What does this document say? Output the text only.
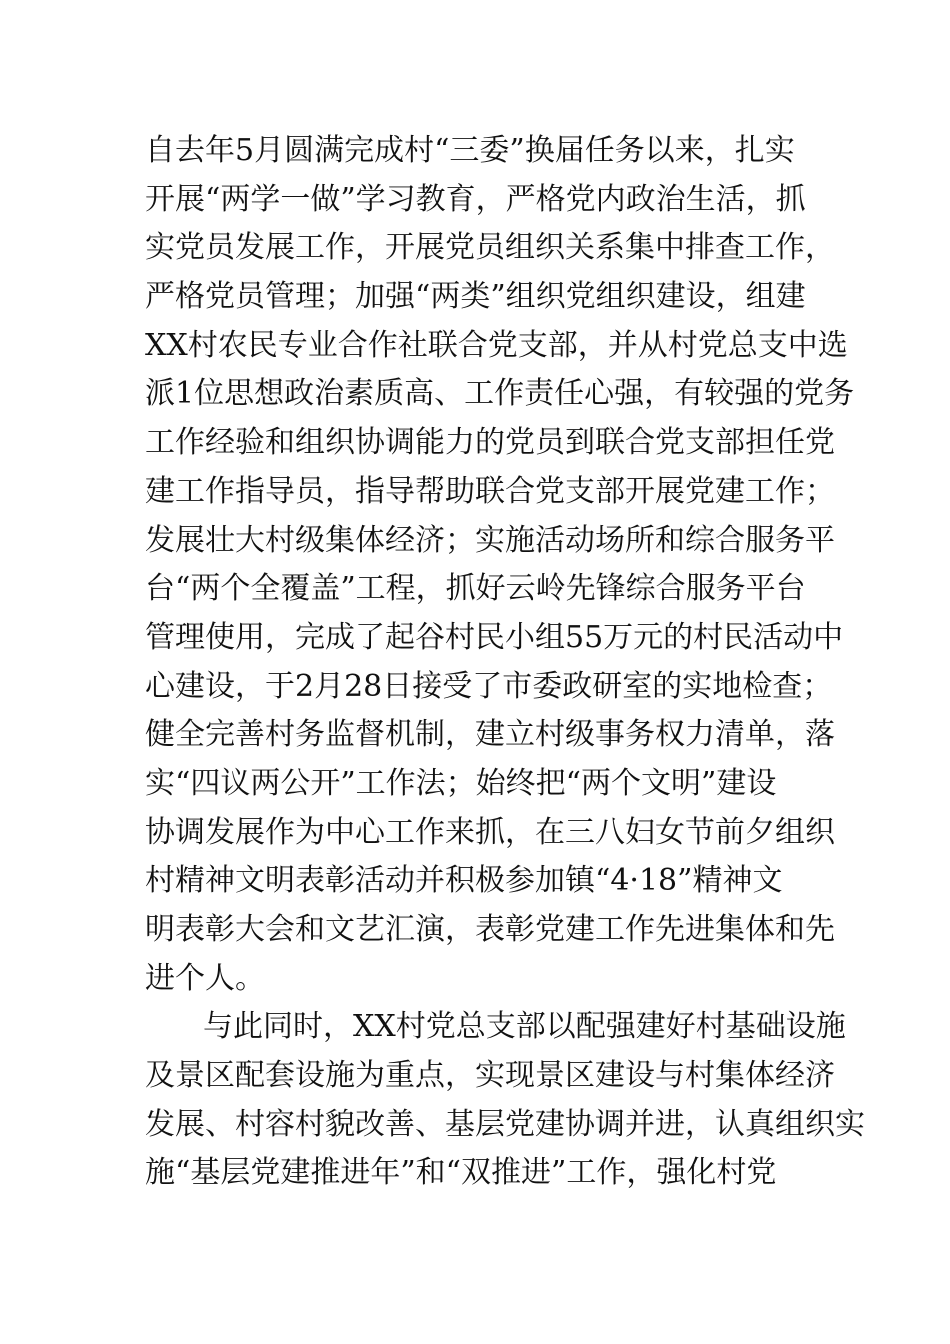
自去年5月圆满完成村“三委”换届任务以来，扎实
开展“两学一做”学习教育，严格党内政治生活，抓
实党员发展工作，开展党员组织关系集中排查工作，
严格党员管理；加强“两类”组织党组织建设，组建
XX村农民专业合作社联合党支部，并从村党总支中选
派1位思想政治素质高、工作责任心强，有较强的党务
工作经验和组织协调能力的党员到联合党支部担任党
建工作指导员，指导帮助联合党支部开展党建工作；
发展壮大村级集体经济；实施活动场所和综合服务平
台“两个全覆盖”工程，抓好云岭先锋综合服务平台
管理使用，完成了起谷村民小组55万元的村民活动中
心建设，于2月28日接受了市委政研室的实地检查；
健全完善村务监督机制，建立村级事务权力清单，落
实“四议两公开”工作法；始终把“两个文明”建设
协调发展作为中心工作来抓，在三八妇女节前夕组织
村精神文明表彰活动并积极参加镇“4·18”精神文
明表彰大会和文艺汇演，表彰党建工作先进集体和先
进个人。
与此同时，XX村党总支部以配强建好村基础设施
及景区配套设施为重点，实现景区建设与村集体经济
发展、村容村貌改善、基层党建协调并进，认真组织实
施“基层党建推进年”和“双推进”工作，强化村党
